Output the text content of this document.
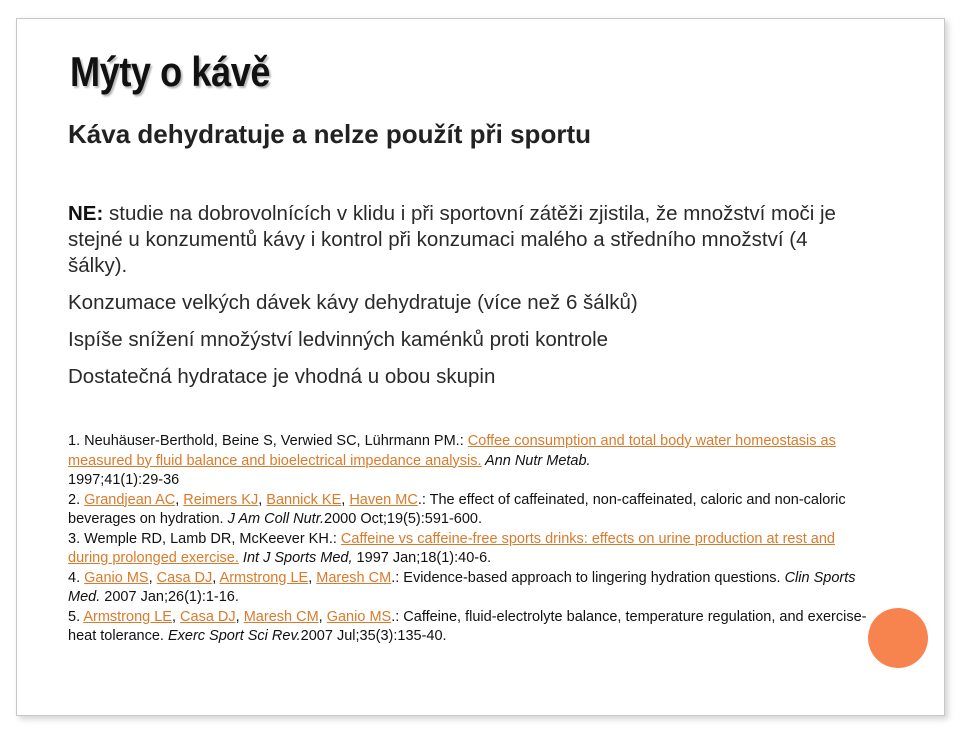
Mýty o kávě
Káva dehydratuje a nelze použít při sportu

NE: studie na dobrovolnících v klidu i při sportovní zátěži zjistila, že množství moči je stejné u konzumentů kávy i kontrol při konzumaci malého a středního množství (4 šálky).

Konzumace velkých dávek kávy dehydratuje (více než 6 šálků)

Ispíše snížení množýství ledvinných kaménků proti kontrole

Dostatečná hydratace je vhodná u obou skupin

1. Neuhäuser-Berthold, Beine S, Verwied SC, Lührmann PM.: Coffee consumption and total body water homeostasis as measured by fluid balance and bioelectrical impedance analysis. Ann Nutr Metab.
1997;41(1):29-36

2. Grandjean AC, Reimers KJ, Bannick KE, Haven MC.: The effect of caffeinated, non-caffeinated, caloric and non-caloric beverages on hydration. J Am Coll Nutr.2000 Oct;19(5):591-600.

3. Wemple RD, Lamb DR, McKeever KH.: Caffeine vs caffeine-free sports drinks: effects on urine production at rest and during prolonged exercise. Int J Sports Med, 1997 Jan;18(1):40-6.

4. Ganio MS, Casa DJ, Armstrong LE, Maresh CM.: Evidence-based approach to lingering hydration questions. Clin Sports Med. 2007 Jan;26(1):1-16.

5. Armstrong LE, Casa DJ, Maresh CM, Ganio MS.: Caffeine, fluid-electrolyte balance, temperature regulation, and exercise-heat tolerance. Exerc Sport Sci Rev.2007 Jul;35(3):135-40.
